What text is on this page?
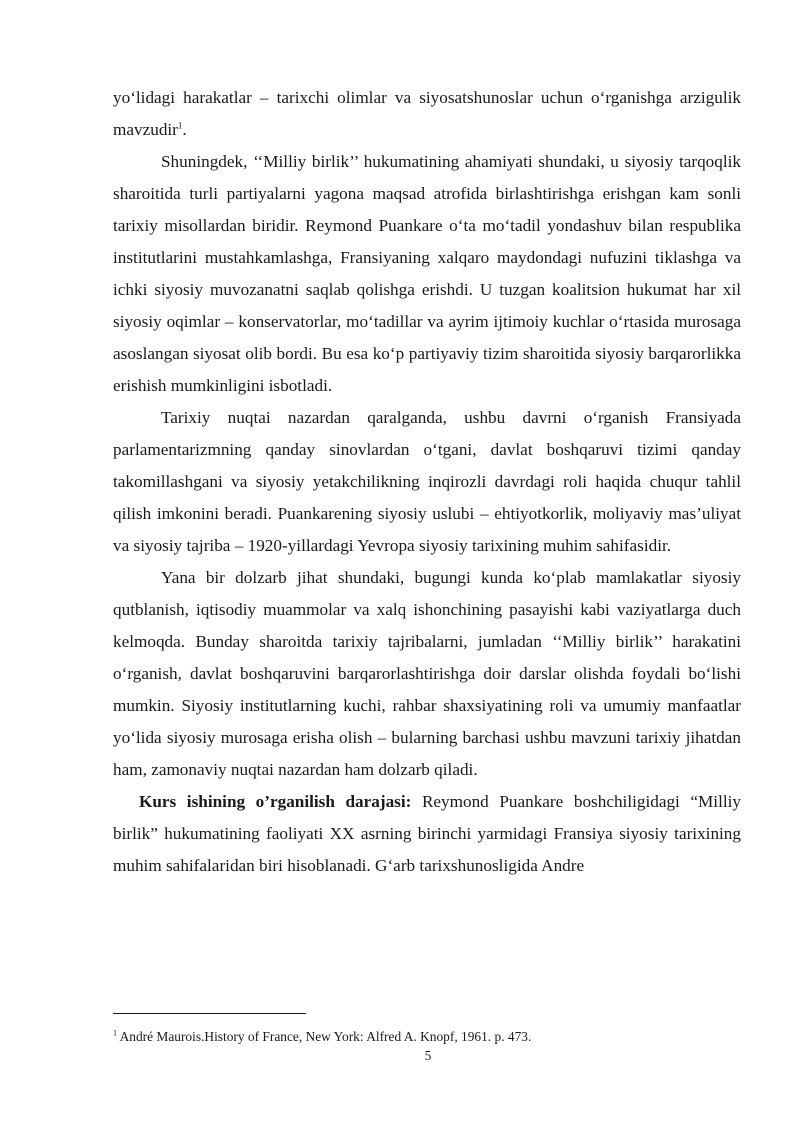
yo‘lidagi harakatlar – tarixchi olimlar va siyosatshunoslar uchun o‘rganishga arzigulik mavzudir$^1$.

Shuningdek, ‘‘Milliy birlik’’ hukumatining ahamiyati shundaki, u siyosiy tarqoqlik sharoitida turli partiyalarni yagona maqsad atrofida birlashtirishga erishgan kam sonli tarixiy misollardan biridir. Reymond Puankare o‘ta mo‘tadil yondashuv bilan respublika institutlarini mustahkamlashga, Fransiyaning xalqaro maydondagi nufuzini tiklashga va ichki siyosiy muvozanatni saqlab qolishga erishdi. U tuzgan koalitsion hukumat har xil siyosiy oqimlar – konservatorlar, mo‘tadillar va ayrim ijtimoiy kuchlar o‘rtasida murosaga asoslangan siyosat olib bordi. Bu esa ko‘p partiyaviy tizim sharoitida siyosiy barqarorlikka erishish mumkinligini isbotladi.

Tarixiy nuqtai nazardan qaralganda, ushbu davrni o‘rganish Fransiyada parlamentarizmning qanday sinovlardan o‘tgani, davlat boshqaruvi tizimi qanday takomillashgani va siyosiy yetakchilikning inqirozli davrdagi roli haqida chuqur tahlil qilish imkonini beradi. Puankarening siyosiy uslubi – ehtiyotkorlik, moliyaviy mas’uliyat va siyosiy tajriba – 1920-yillardagi Yevropa siyosiy tarixining muhim sahifasidir.

Yana bir dolzarb jihat shundaki, bugungi kunda ko‘plab mamlakatlar siyosiy qutblanish, iqtisodiy muammolar va xalq ishonchining pasayishi kabi vaziyatlarga duch kelmoqda. Bunday sharoitda tarixiy tajribalarni, jumladan ‘‘Milliy birlik’’ harakatini o‘rganish, davlat boshqaruvini barqarorlashtirishga doir darslar olishda foydali bo‘lishi mumkin. Siyosiy institutlarning kuchi, rahbar shaxsiyatining roli va umumiy manfaatlar yo‘lida siyosiy murosaga erisha olish – bularning barchasi ushbu mavzuni tarixiy jihatdan ham, zamonaviy nuqtai nazardan ham dolzarb qiladi.

Kurs ishining o’rganilish darajasi: Reymond Puankare boshchiligidagi “Milliy birlik” hukumatining faoliyati XX asrning birinchi yarmidagi Fransiya siyosiy tarixining muhim sahifalaridan biri hisoblanadi. G‘arb tarixshunosligida Andre

$^1$ André Maurois.History of France, New York: Alfred A. Knopf, 1961. p. 473.
5
